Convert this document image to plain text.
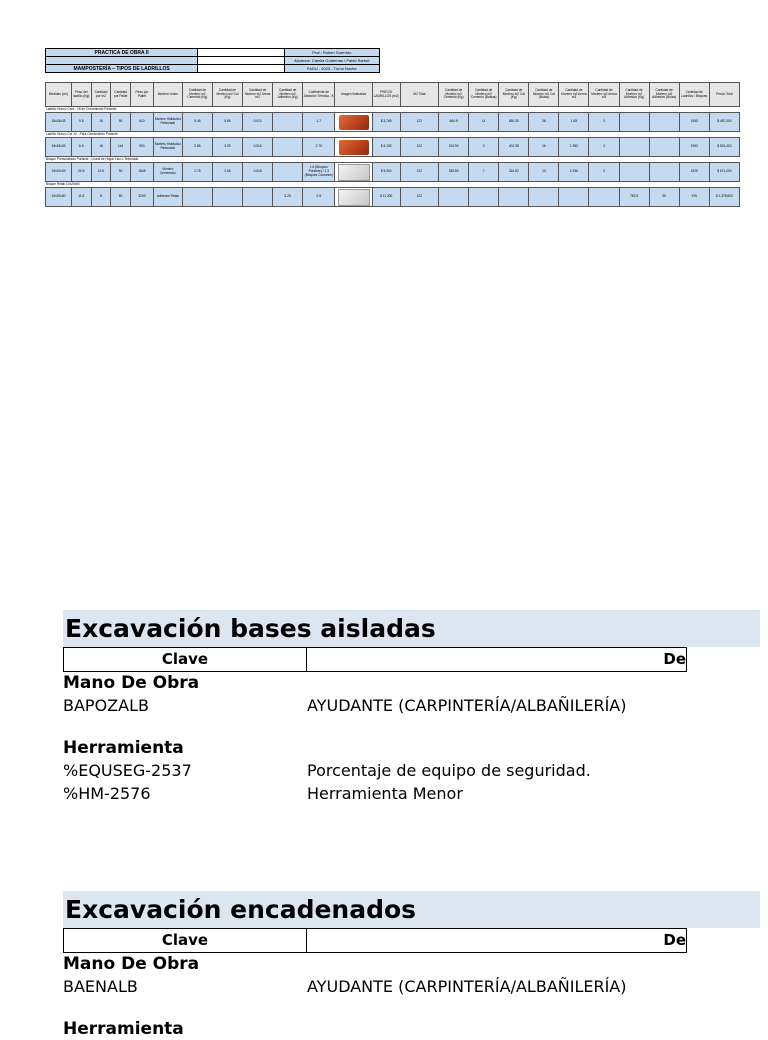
PRACTICA DE OBRA II		Prof.: Ruben Guerrido
		Alumnos: Camila Gobernas / Pablo Sartori
MAMPOSTERÍA – TIPOS DE LADRILLOS		FADU - 2023 - Turno Noche
Medidas (cm)	Peso del ladrillo (Kg)	Cantidad por m2	Cantidad por Pallet	Peso por Pallet	Mortero Unión	Cantidad de Mortero m2 Cemento (Kg)	Cantidad de Mortero m2 Cal (Kg)	Cantidad de Mortero m2 Arena m3	Cantidad de Mortero m2 Adhesivo (Kg)	Coeficiente de Aislación Térmica - K	Imagen Ilustrativa	PRECIO LADRILLOS (m2)	M2 Total	Cantidad de Mortero m2 Cemento (Kg)	Cantidad de Mortero m2 Cemento (Bolsas)	Cantidad de Mortero m2 Cal (Kg)	Cantidad de Mortero m2 Cal (Bolsa)	Cantidad de Mortero m2 Arena m3	Cantidad de Mortero m2 Arena m3	Cantidad de Mortero m2 Adhesivo (Kg)	Cantidad de Mortero m2 Adhesivo (Bolsa)	Cantidad de Ladrillos / Bloques	Precio Total
Ladrillo Hueco Cerá - 18 de Cerramiento Portante																							
18x18x33	9.8	16	90	610	Mortero Hidráulico Reforzado	5.45	5.65	0.013		1.7		$ 3,765	122	664.9	14	650.30	26	1.65	3			1953	$ 457,300
Ladrillo Hueco Cer 12 - Para Cerramiento Portante																							
18x18x33	6.5	16	144	900	Mortero Hidráulico Reforzado	0.86	3.29	0.016		2.75		$ 4,150	122	104.90	3	401.38	16	1.952	3			1953	$ 501,420
Bloque Premoldeado Portante - Lineal de Hogar Liso o Texturado																							
19x19x39	20.5	12.5	90	1845	Mortero Cementicio	2.75	2.66	0.018		1.6 (Bloques Portante) / 1.3 (Bloques Comunes)		$ 5,900	122	335.50	7	324.52	13	2.196	3			1525	$ 671,000
Bloque Retak 10x25x50																							
10x25x50	11.8	8	80	3200	Adhesivo Retak				6.25	0.5		$ 11,300	122							762.5	26	976	$ 1,378,600
Excavación bases aisladas
Clave	De
Mano De Obra
BAPOZALB	AYUDANTE (CARPINTERÍA/ALBAÑILERÍA)
Herramienta
%EQUSEG-2537	Porcentaje de equipo de seguridad.
%HM-2576	Herramienta Menor
Excavación encadenados
Clave	De
Mano De Obra
BAENALB	AYUDANTE (CARPINTERÍA/ALBAÑILERÍA)
Herramienta
